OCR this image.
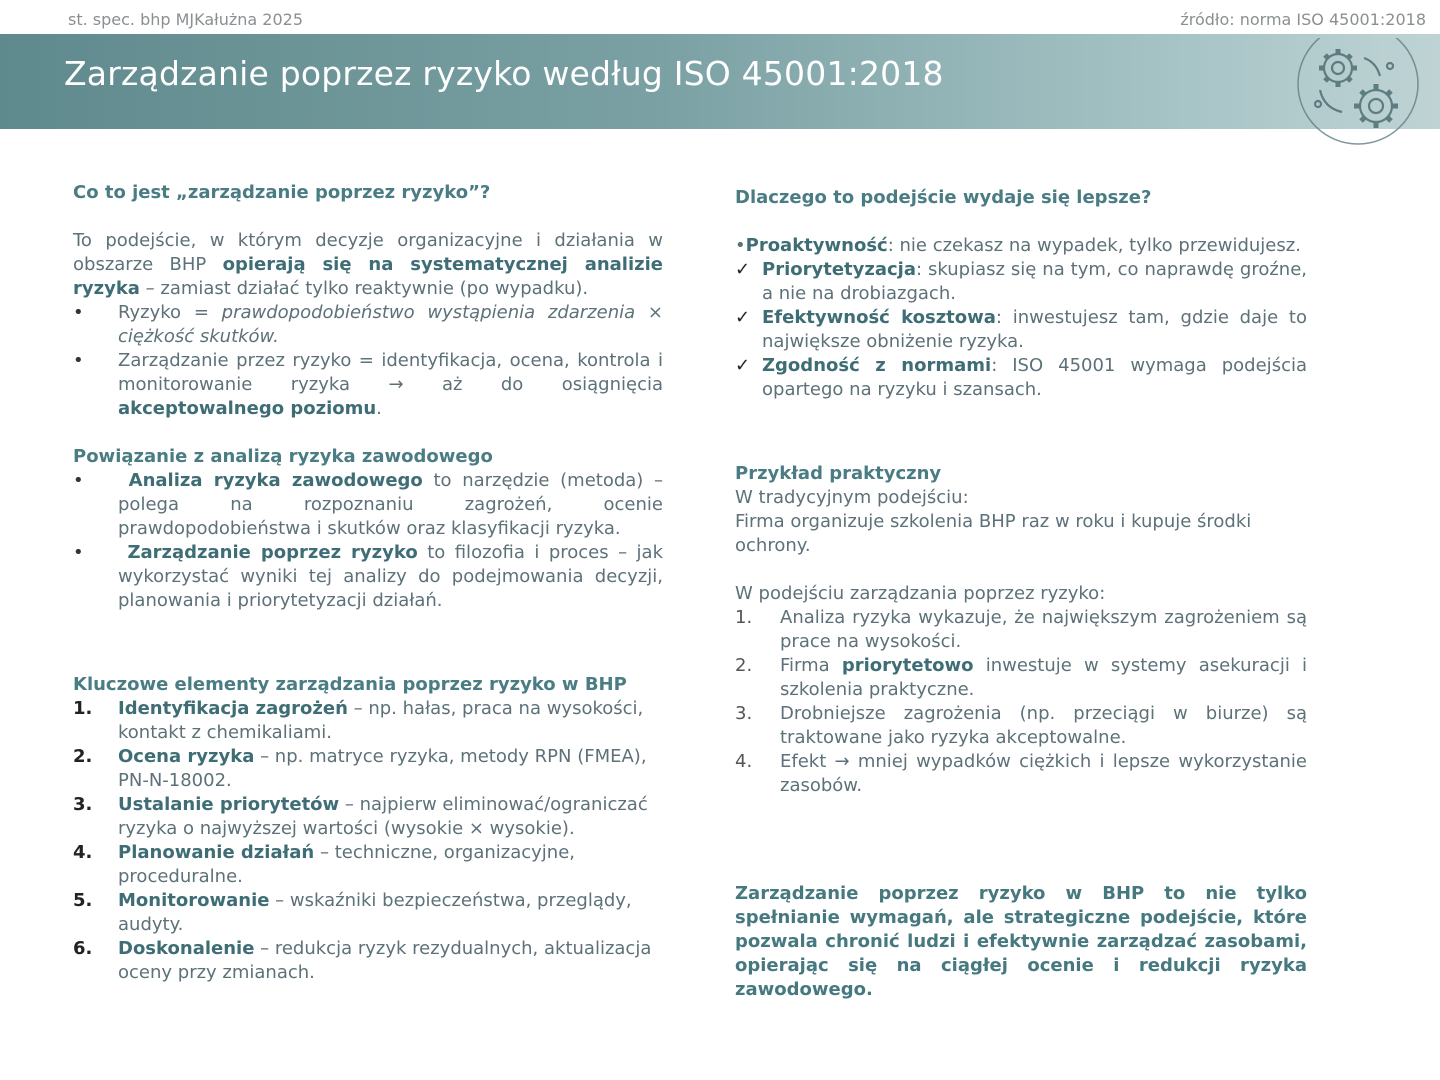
st. spec. bhp MJKałużna 2025	źródło: norma ISO 45001:2018
Zarządzanie poprzez ryzyko według ISO 45001:2018
Co to jest „zarządzanie poprzez ryzyko”?

To podejście, w którym decyzje organizacyjne i działania w obszarze BHP opierają się na systematycznej analizie ryzyka – zamiast działać tylko reaktywnie (po wypadku).

• Ryzyko = prawdopodobieństwo wystąpienia zdarzenia × ciężkość skutków.
• Zarządzanie przez ryzyko = identyfikacja, ocena, kontrola i monitorowanie ryzyka → aż do osiągnięcia akceptowalnego poziomu.
Powiązanie z analizą ryzyka zawodowego
•	Analiza ryzyka zawodowego to narzędzie (metoda) – polega na rozpoznaniu zagrożeń, ocenie prawdopodobieństwa i skutków oraz klasyfikacji ryzyka.
• Zarządzanie poprzez ryzyko to filozofia i proces – jak wykorzystać wyniki tej analizy do podejmowania decyzji, planowania i priorytetyzacji działań.
Kluczowe elementy zarządzania poprzez ryzyko w BHP
1. Identyfikacja zagrożeń – np. hałas, praca na wysokości, kontakt z chemikaliami.
2. Ocena ryzyka – np. matryce ryzyka, metody RPN (FMEA), PN-N-18002.
3. Ustalanie priorytetów – najpierw eliminować/ograniczać ryzyka o najwyższej wartości (wysokie × wysokie).
4. Planowanie działań – techniczne, organizacyjne, proceduralne.
5. Monitorowanie – wskaźniki bezpieczeństwa, przeglądy, audyty.
6. Doskonalenie – redukcja ryzyk rezydualnych, aktualizacja oceny przy zmianach.
Dlaczego to podejście wydaje się lepsze?

•Proaktywność: nie czekasz na wypadek, tylko przewidujesz.

✓ Priorytetyzacja: skupiasz się na tym, co naprawdę groźne, a nie na drobiazgach.
✓ Efektywność kosztowa: inwestujesz tam, gdzie daje to największe obniżenie ryzyka.
✓ Zgodność z normami: ISO 45001 wymaga podejścia opartego na ryzyku i szansach.
Przykład praktyczny

W tradycyjnym podejściu:

Firma organizuje szkolenia BHP raz w roku i kupuje środki ochrony.

W podejściu zarządzania poprzez ryzyko:

1. Analiza ryzyka wykazuje, że największym zagrożeniem są prace na wysokości.
2. Firma priorytetowo inwestuje w systemy asekuracji i szkolenia praktyczne.
3. Drobniejsze zagrożenia (np. przeciągi w biurze) są traktowane jako ryzyka akceptowalne.
4. Efekt → mniej wypadków ciężkich i lepsze wykorzystanie zasobów.

Zarządzanie poprzez ryzyko w BHP to nie tylko spełnianie wymagań, ale strategiczne podejście, które pozwala chronić ludzi i efektywnie zarządzać zasobami, opierając się na ciągłej ocenie i redukcji ryzyka zawodowego.
